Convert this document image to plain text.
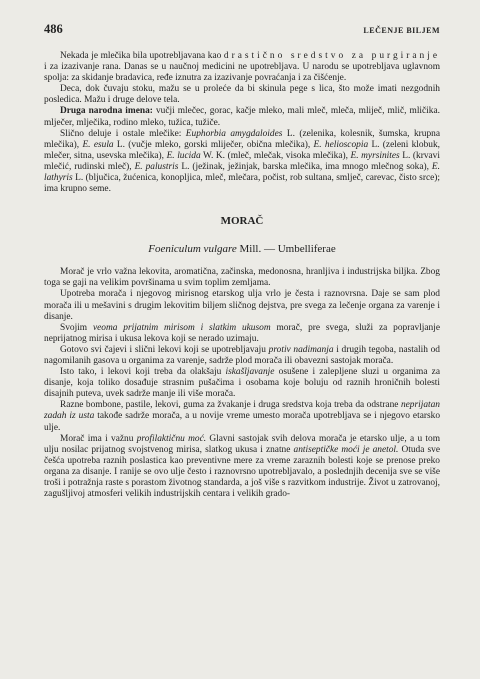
486	LEČENJE BILJEM

Nekada je mlečika bila upotrebljavana kao drastično sredstvo za purgiranje i za izazivanje rana. Danas se u naučnoj medicini ne upotrebljava. U narodu se upotrebljava uglavnom spolja: za skidanje bradavica, ređe iznutra za izazivanje povraćanja i za čišćenje.

Deca, dok čuvaju stoku, mažu se u proleće da bi skinula pege s lica, što može imati nezgodnih posledica. Mažu i druge delove tela.

Druga narodna imena: vučji mlečec, gorac, kačje mleko, mali mleč, mleča, mliječ, mlič, mličika. mlječer, mlječika, rodino mleko, tužica, tužiče.

Slično deluje i ostale mlečike: Euphorbia amygdaloides L. (zelenika, kolesnik, šumska, krupna mlečika), E. esula L. (vučje mleko, gorski mliječer, obična mlečika), E. helioscopia L. (zeleni klobuk, mlečer, sitna, usevska mlečika), E. lucida W. K. (mleč, mlečak, visoka mlečika), E. myrsinites L. (krvavi mlečić, rudinski mleč), E. palustris L. (ježinak, ježinjak, barska mlečika, ima mnogo mlečnog soka), E. lathyris L. (bljučica, žućenica, konopljica, mleč, mlečara, počist, rob sultana, smlječ, carevac, čisto srce); ima krupno seme.

MORAČ
Foeniculum vulgare Mill. — Umbelliferae

Morač je vrlo važna lekovita, aromatična, začinska, medonosna, hranljiva i industrijska biljka. Zbog toga se gaji na velikim površinama u svim toplim zemljama.

Upotreba morača i njegovog mirisnog etarskog ulja vrlo je česta i raznovrsna. Daje se sam plod morača ili u mešavini s drugim lekovitim biljem sličnog dejstva, pre svega za lečenje organa za varenje i disanje.

Svojim veoma prijatnim mirisom i slatkim ukusom morač, pre svega, služi za popravljanje neprijatnog mirisa i ukusa lekova koji se nerado uzimaju.

Gotovo svi čajevi i slični lekovi koji se upotrebljavaju protiv nadimanja i drugih tegoba, nastalih od nagomilanih gasova u organima za varenje, sadrže plod morača ili obavezni sastojak morača.

Isto tako, i lekovi koji treba da olakšaju iskašljavanje osušene i zalepljene sluzi u organima za disanje, koja toliko dosađuje strasnim pušačima i osobama koje boluju od raznih hroničnih bolesti disajnih puteva, uvek sadrže manje ili više morača.

Razne bombone, pastile, lekovi, guma za žvakanje i druga sredstva koja treba da odstrane neprijatan zadah iz usta takođe sadrže morača, a u novije vreme umesto morača upotrebljava se i njegovo etarsko ulje.

Morač ima i važnu profilaktičnu moć. Glavni sastojak svih delova morača je etarsko ulje, a u tom ulju nosilac prijatnog svojstvenog mirisa, slatkog ukusa i znatne antiseptičke moći je anetol. Otuda sve češća upotreba raznih poslastica kao preventivne mere za vreme zaraznih bolesti koje se prenose preko organa za disanje. I ranije se ovo ulje često i raznovrsno upotrebljavalo, a poslednjih decenija sve se više troši i potražnja raste s porastom životnog standarda, a još više s razvitkom industrije. Život u zatrovanoj, zagušljivoj atmosferi velikih industrijskih centara i velikih grado-
